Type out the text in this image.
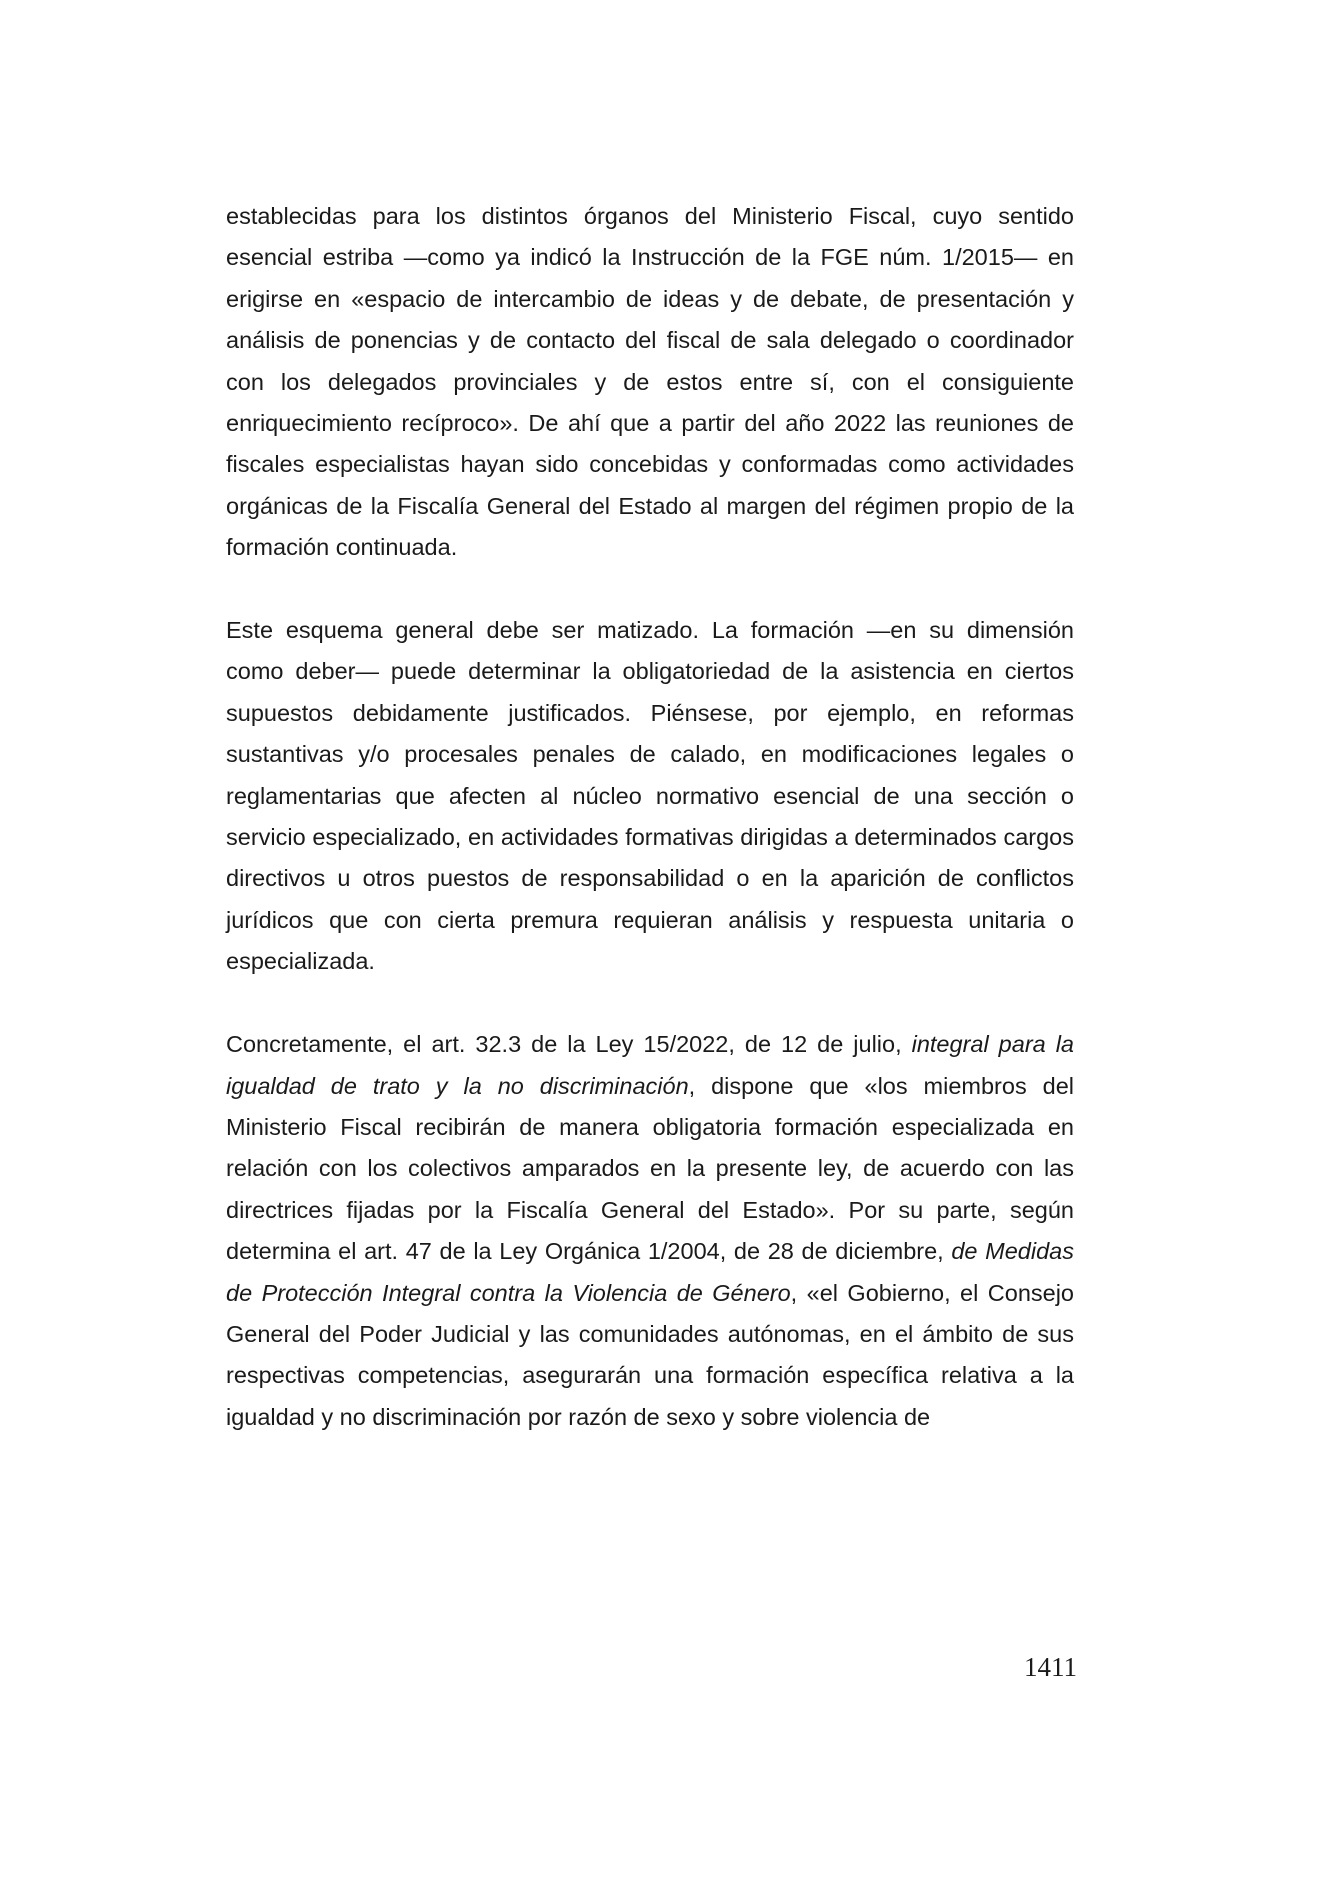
establecidas para los distintos órganos del Ministerio Fiscal, cuyo sentido esencial estriba —como ya indicó la Instrucción de la FGE núm. 1/2015— en erigirse en «espacio de intercambio de ideas y de debate, de presentación y análisis de ponencias y de contacto del fiscal de sala delegado o coordinador con los delegados provinciales y de estos entre sí, con el consiguiente enriquecimiento recíproco». De ahí que a partir del año 2022 las reuniones de fiscales especialistas hayan sido concebidas y conformadas como actividades orgánicas de la Fiscalía General del Estado al margen del régimen propio de la formación continuada.

Este esquema general debe ser matizado. La formación —en su dimensión como deber— puede determinar la obligatoriedad de la asistencia en ciertos supuestos debidamente justificados. Piénsese, por ejemplo, en reformas sustantivas y/o procesales penales de calado, en modificaciones legales o reglamentarias que afecten al núcleo normativo esencial de una sección o servicio especializado, en actividades formativas dirigidas a determinados cargos directivos u otros puestos de responsabilidad o en la aparición de conflictos jurídicos que con cierta premura requieran análisis y respuesta unitaria o especializada.

Concretamente, el art. 32.3 de la Ley 15/2022, de 12 de julio, integral para la igualdad de trato y la no discriminación, dispone que «los miembros del Ministerio Fiscal recibirán de manera obligatoria formación especializada en relación con los colectivos amparados en la presente ley, de acuerdo con las directrices fijadas por la Fiscalía General del Estado». Por su parte, según determina el art. 47 de la Ley Orgánica 1/2004, de 28 de diciembre, de Medidas de Protección Integral contra la Violencia de Género, «el Gobierno, el Consejo General del Poder Judicial y las comunidades autónomas, en el ámbito de sus respectivas competencias, asegurarán una formación específica relativa a la igualdad y no discriminación por razón de sexo y sobre violencia de

1411
